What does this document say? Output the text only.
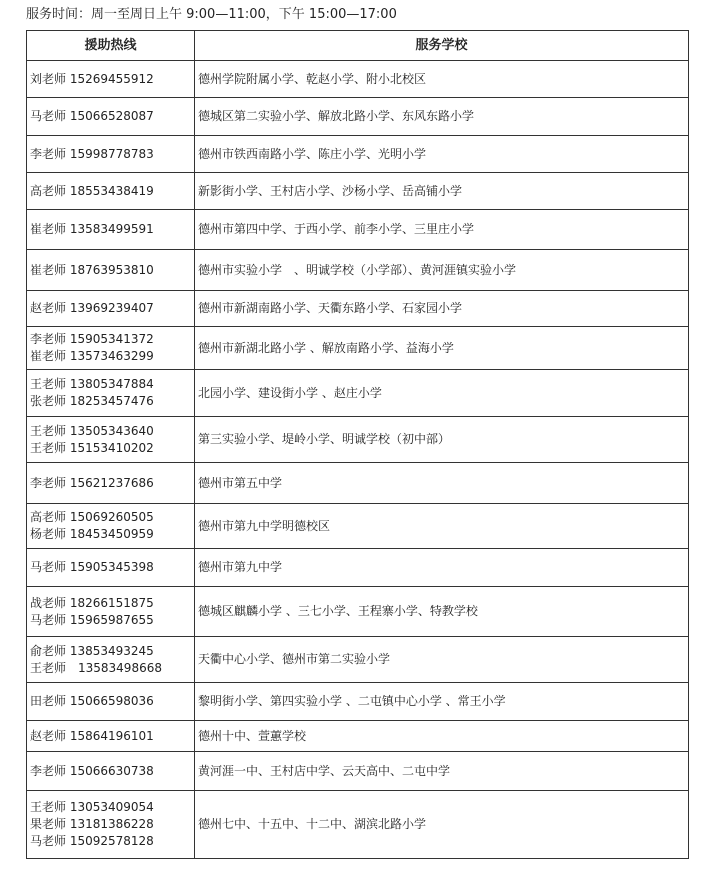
服务时间：周一至周日上午 9:00—11:00，下午 15:00—17:00
援助热线	服务学校

刘老师 15269455912	德州学院附属小学、乾赵小学、附小北校区

马老师 15066528087	德城区第二实验小学、解放北路小学、东风东路小学

李老师 15998778783	德州市铁西南路小学、陈庄小学、光明小学

高老师 18553438419	新影街小学、王村店小学、沙杨小学、岳高铺小学

崔老师 13583499591	德州市第四中学、于西小学、前李小学、三里庄小学

崔老师 18763953810	德州市实验小学　、明诚学校（小学部）、黄河涯镇实验小学

赵老师 13969239407	德州市新湖南路小学、天衢东路小学、石家园小学

李老师 15905341372
崔老师 13573463299	德州市新湖北路小学 、解放南路小学、益海小学

王老师 13805347884
张老师 18253457476	北园小学、建设街小学 、赵庄小学

王老师 13505343640
王老师 15153410202	第三实验小学、堤岭小学、明诚学校（初中部）

李老师 15621237686	德州市第五中学

高老师 15069260505
杨老师 18453450959	德州市第九中学明德校区

马老师 15905345398	德州市第九中学

战老师 18266151875
马老师 15965987655	德城区麒麟小学 、三七小学、王程寨小学、特教学校

俞老师 13853493245
王老师　13583498668	天衢中心小学、德州市第二实验小学

田老师 15066598036	黎明街小学、第四实验小学 、二屯镇中心小学 、常王小学

赵老师 15864196101	德州十中、萱蕙学校

李老师 15066630738	黄河涯一中、王村店中学、云天高中、二屯中学

王老师 13053409054
果老师 13181386228
马老师 15092578128	德州七中、十五中、十二中、湖滨北路小学
